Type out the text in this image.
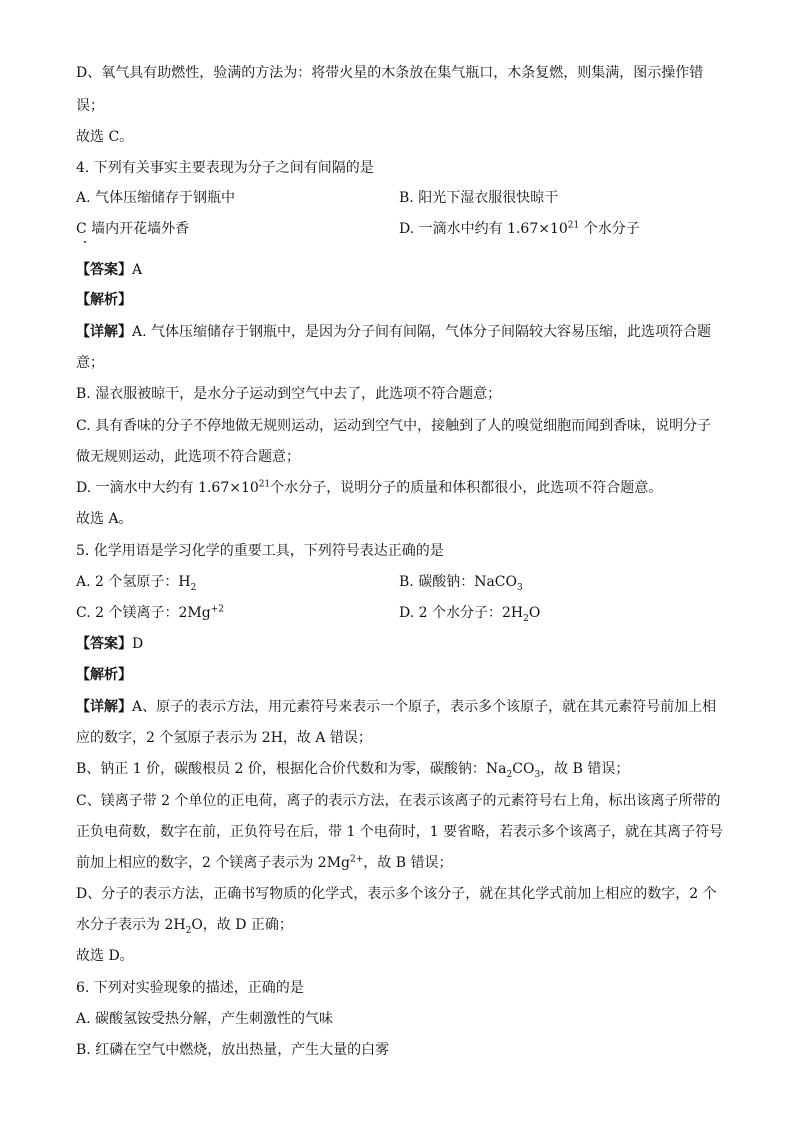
D、氧气具有助燃性，验满的方法为：将带火星的木条放在集气瓶口，木条复燃，则集满，图示操作错
误；
故选 C。
4. 下列有关事实主要表现为分子之间有间隔的是
A. 气体压缩储存于钢瓶中	B. 阳光下湿衣服很快晾干
C 墙内开花墙外香	D. 一滴水中约有 $1.67\times 10^{21}$ 个水分子
【答案】A
【解析】
【详解】A. 气体压缩储存于钢瓶中，是因为分子间有间隔，气体分子间隔较大容易压缩，此选项符合题
意；
B. 湿衣服被晾干，是水分子运动到空气中去了，此选项不符合题意；
C. 具有香味的分子不停地做无规则运动，运动到空气中，接触到了人的嗅觉细胞而闻到香味，说明分子
做无规则运动，此选项不符合题意；
D. 一滴水中大约有 $1.67\times 10^{21}$个水分子，说明分子的质量和体积都很小，此选项不符合题意。
故选 A。
5. 化学用语是学习化学的重要工具，下列符号表达正确的是
A. 2 个氢原子：$H_2$	B. 碳酸钠：NaCO$_3$
C. 2 个镁离子：$2Mg^{+2}$	D. 2 个水分子：$2H_2O$
【答案】D
【解析】
【详解】A、原子的表示方法，用元素符号来表示一个原子，表示多个该原子，就在其元素符号前加上相
应的数字，2 个氢原子表示为 2H，故 A 错误；
B、钠正 1 价，碳酸根员 2 价，根据化合价代数和为零，碳酸钠：$Na_2CO_3$，故 B 错误；
C、镁离子带 2 个单位的正电荷，离子的表示方法，在表示该离子的元素符号右上角，标出该离子所带的
正负电荷数，数字在前，正负符号在后，带 1 个电荷时，1 要省略，若表示多个该离子，就在其离子符号
前加上相应的数字，2 个镁离子表示为 $2Mg^{2+}$，故 B 错误；
D、分子的表示方法，正确书写物质的化学式，表示多个该分子，就在其化学式前加上相应的数字，2 个
水分子表示为 $2H_2O$，故 D 正确；
故选 D。
6. 下列对实验现象的描述，正确的是
A. 碳酸氢铵受热分解，产生刺激性的气味
B. 红磷在空气中燃烧，放出热量，产生大量的白雾
